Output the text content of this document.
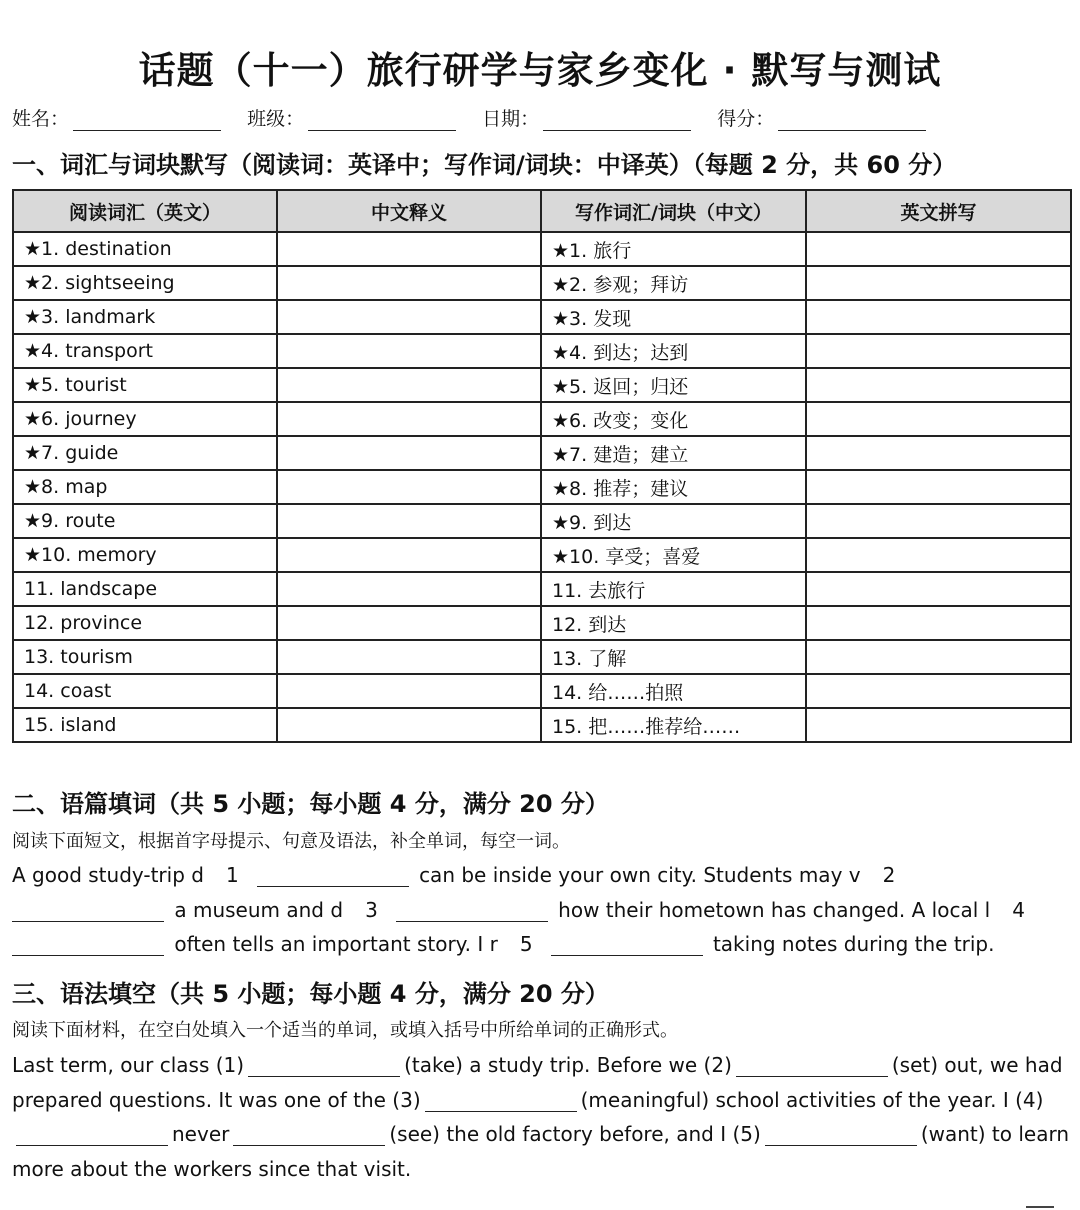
话题（十一）旅行研学与家乡变化 · 默写与测试
姓名：	班级：	日期：	得分：
一、词汇与词块默写（阅读词：英译中；写作词/词块：中译英）（每题 2 分，共 60 分）
阅读词汇（英文）	中文释义	写作词汇/词块（中文）	英文拼写
★1. destination		★1. 旅行	
★2. sightseeing		★2. 参观；拜访	
★3. landmark		★3. 发现	
★4. transport		★4. 到达；达到	
★5. tourist		★5. 返回；归还	
★6. journey		★6. 改变；变化	
★7. guide		★7. 建造；建立	
★8. map		★8. 推荐；建议	
★9. route		★9. 到达	
★10. memory		★10. 享受；喜爱	
11. landscape		11. 去旅行	
12. province		12. 到达	
13. tourism		13. 了解	
14. coast		14. 给……拍照	
15. island		15. 把……推荐给……	
二、语篇填词（共 5 小题；每小题 4 分，满分 20 分）
阅读下面短文，根据首字母提示、句意及语法，补全单词，每空一词。

A good study-trip d 1	can be inside your own city. Students may v 2
a museum and d 3	how their hometown has changed. A local l 4
often tells an important story. I r 5	taking notes during the trip.

三、语法填空（共 5 小题；每小题 4 分，满分 20 分）
阅读下面材料，在空白处填入一个适当的单词，或填入括号中所给单词的正确形式。

Last term, our class (1)	(take) a study trip. Before we (2)	(set) out, we had prepared questions. It was one of the (3)	(meaningful) school activities of the year. I (4)never	(see) the old factory before, and I (5)	(want) to learn more about the workers since that visit.
